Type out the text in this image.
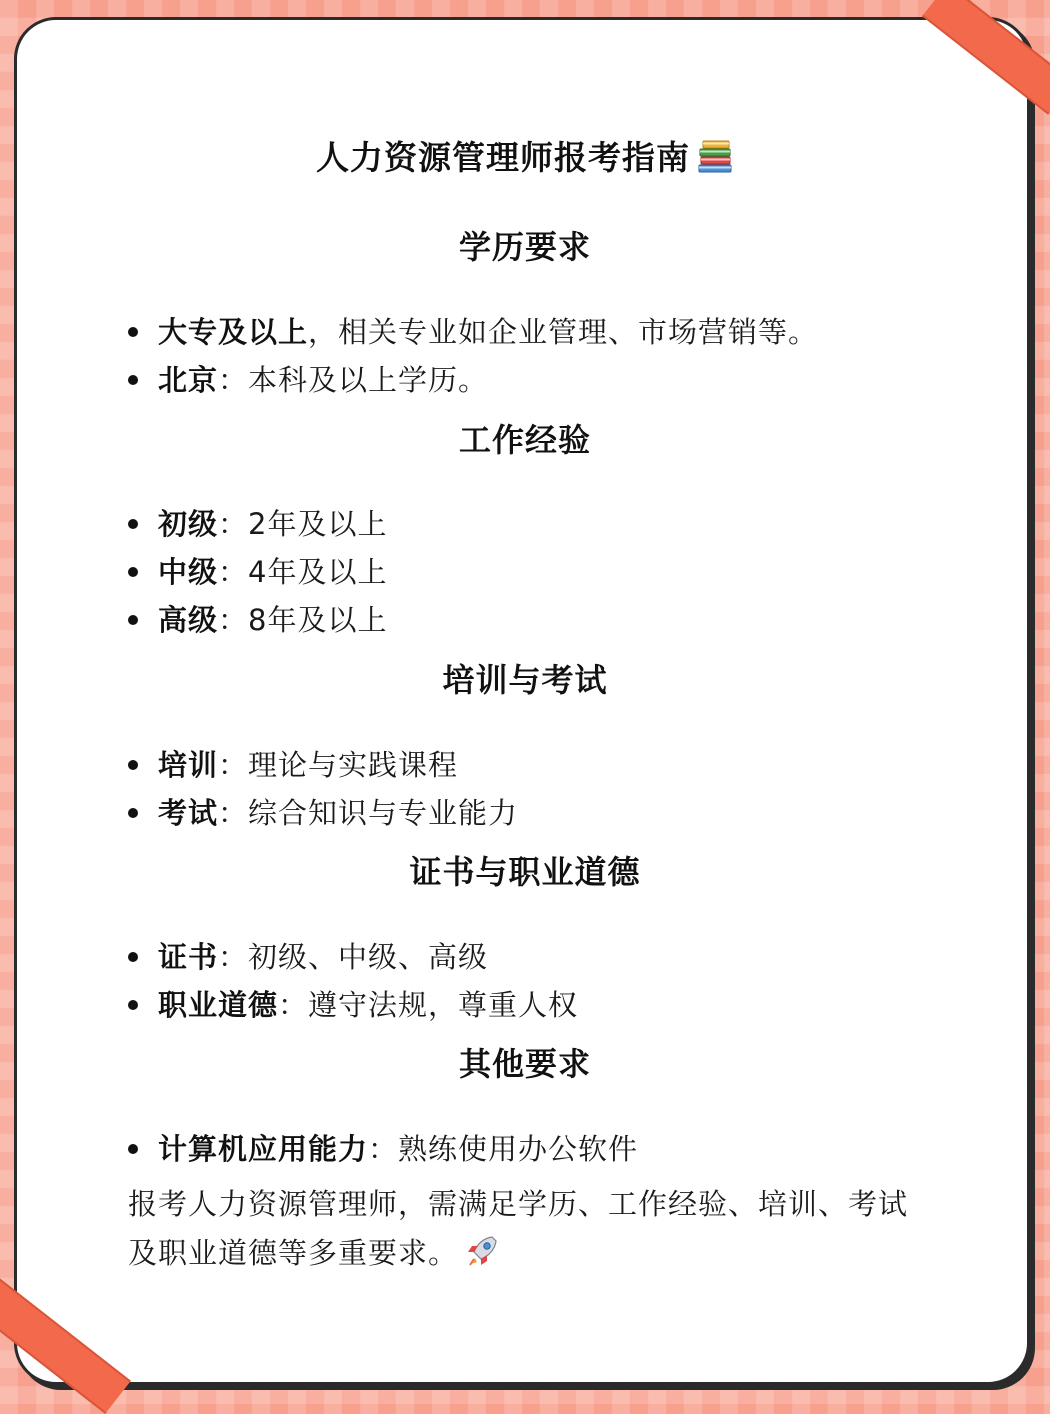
人力资源管理师报考指南
学历要求
大专及以上，相关专业如企业管理、市场营销等。
北京：本科及以上学历。
工作经验
初级：2年及以上
中级：4年及以上
高级：8年及以上
培训与考试
培训：理论与实践课程
考试：综合知识与专业能力
证书与职业道德
证书：初级、中级、高级
职业道德：遵守法规，尊重人权
其他要求
计算机应用能力：熟练使用办公软件
报考人力资源管理师，需满足学历、工作经验、培训、考试及职业道德等多重要求。
